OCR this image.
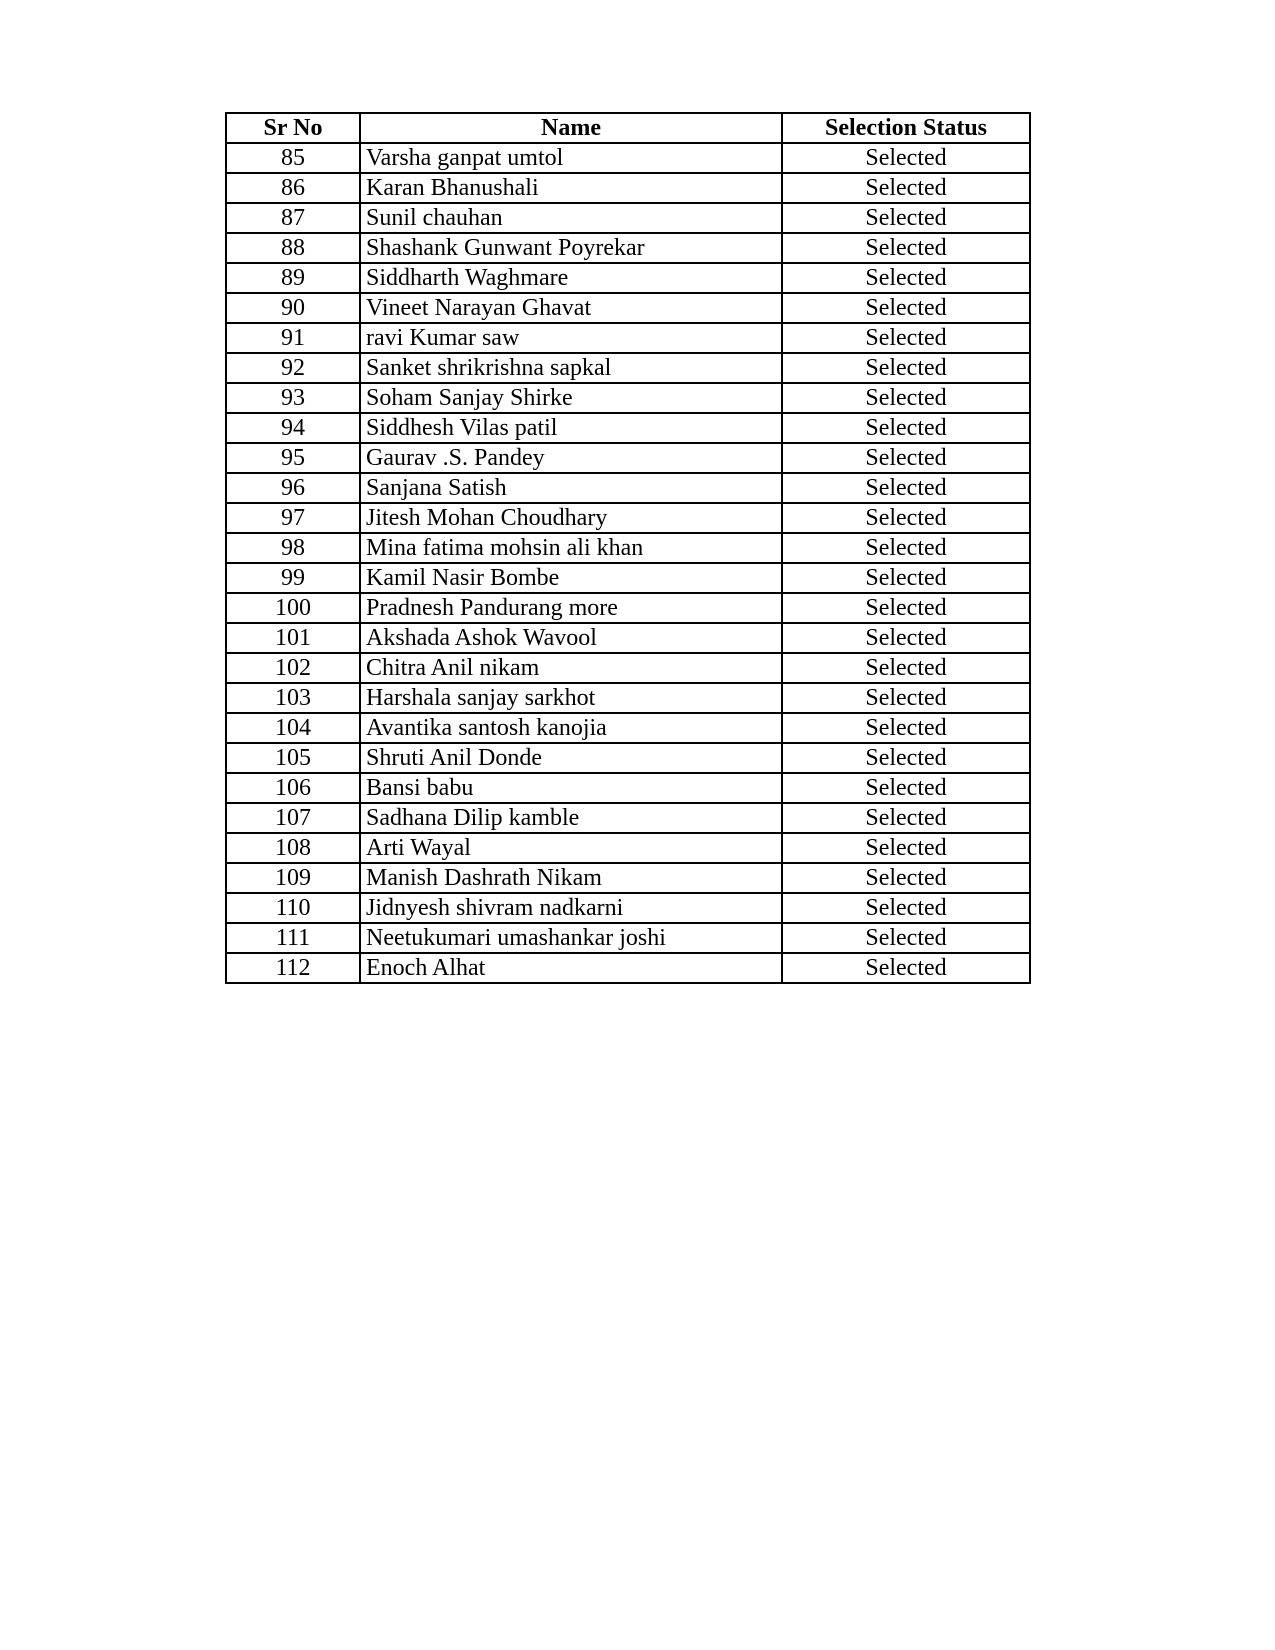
Sr No	Name	Selection Status
85	Varsha ganpat umtol	Selected
86	Karan Bhanushali	Selected
87	Sunil chauhan	Selected
88	Shashank Gunwant Poyrekar	Selected
89	Siddharth Waghmare	Selected
90	Vineet Narayan Ghavat	Selected
91	ravi Kumar saw	Selected
92	Sanket shrikrishna sapkal	Selected
93	Soham Sanjay Shirke	Selected
94	Siddhesh Vilas patil	Selected
95	Gaurav .S. Pandey	Selected
96	Sanjana Satish	Selected
97	Jitesh Mohan Choudhary	Selected
98	Mina fatima mohsin ali khan	Selected
99	Kamil Nasir Bombe	Selected
100	Pradnesh Pandurang more	Selected
101	Akshada Ashok Wavool	Selected
102	Chitra Anil nikam	Selected
103	Harshala sanjay sarkhot	Selected
104	Avantika santosh kanojia	Selected
105	Shruti Anil Donde	Selected
106	Bansi babu	Selected
107	Sadhana Dilip kamble	Selected
108	Arti Wayal	Selected
109	Manish Dashrath Nikam	Selected
110	Jidnyesh shivram nadkarni	Selected
111	Neetukumari umashankar joshi	Selected
112	Enoch Alhat	Selected
